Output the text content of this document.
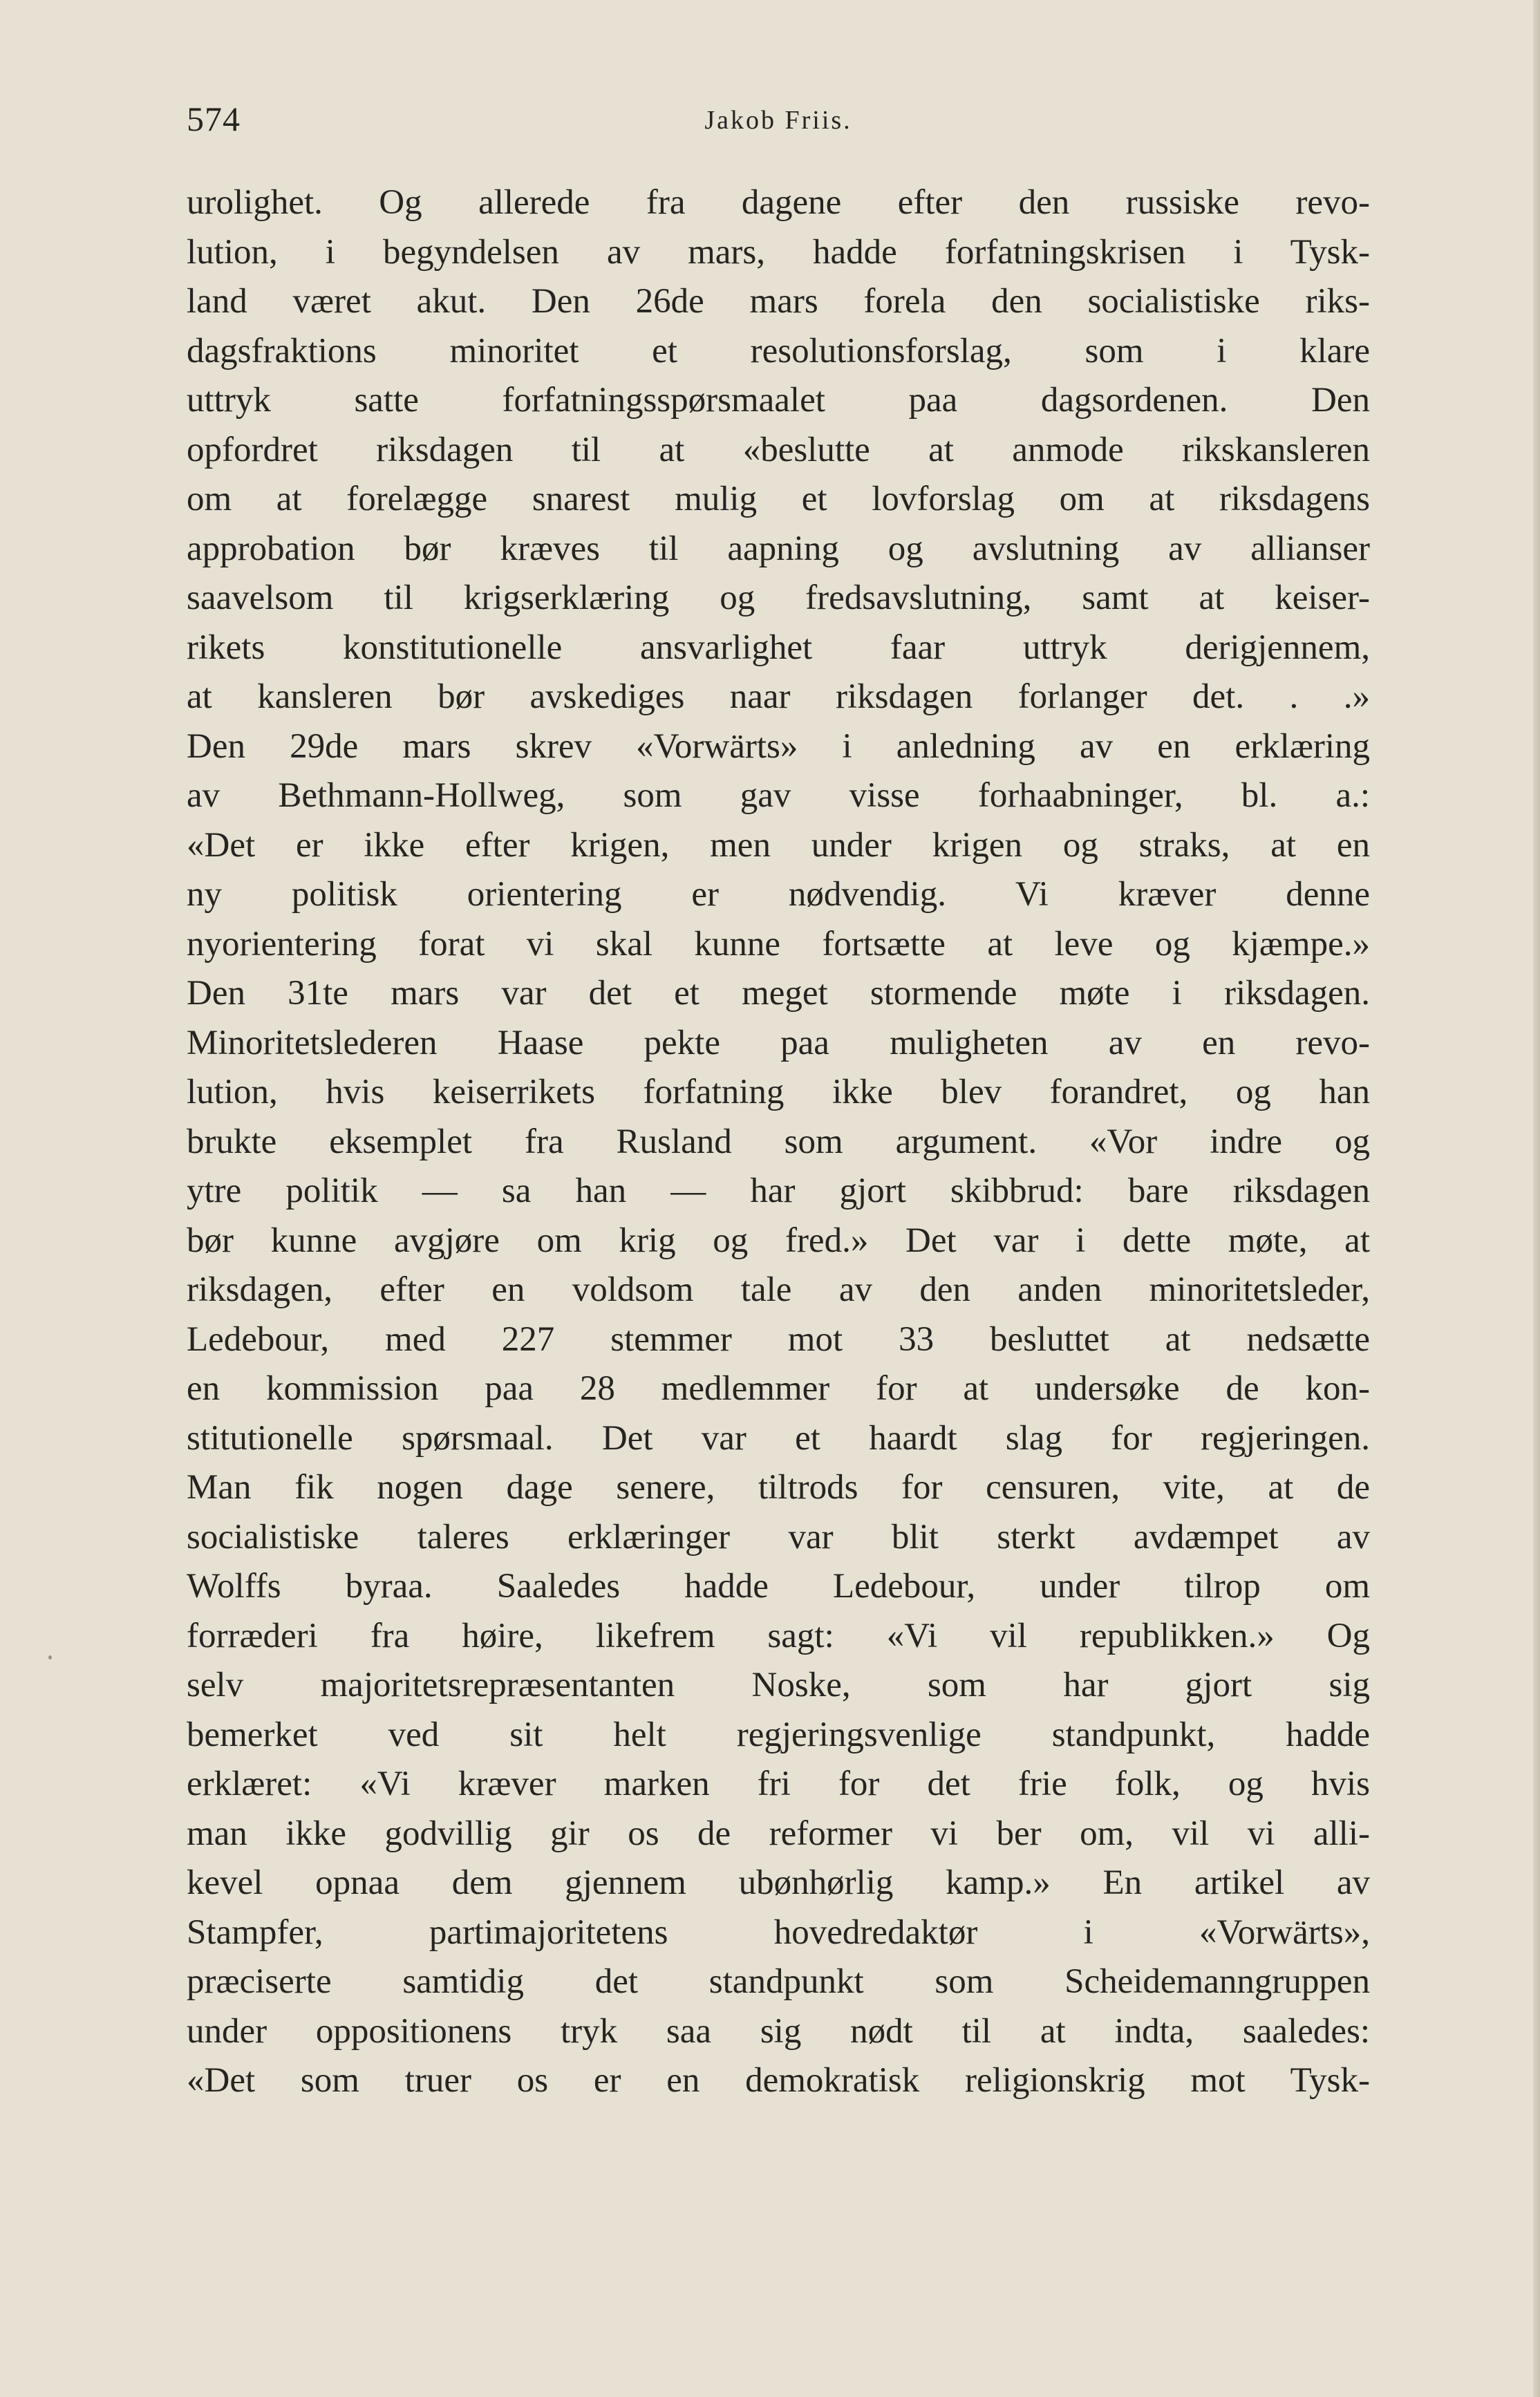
574	Jakob Friis.
urolighet. Og allerede fra dagene efter den russiske revo-
lution, i begyndelsen av mars, hadde forfatningskrisen i Tysk-
land været akut. Den 26de mars forela den socialistiske riks-
dagsfraktions minoritet et resolutionsforslag, som i klare
uttryk satte forfatningsspørsmaalet paa dagsordenen. Den
opfordret riksdagen til at «beslutte at anmode rikskansleren
om at forelægge snarest mulig et lovforslag om at riksdagens
approbation bør kræves til aapning og avslutning av allianser
saavelsom til krigserklæring og fredsavslutning, samt at keiser-
rikets konstitutionelle ansvarlighet faar uttryk derigjennem,
at kansleren bør avskediges naar riksdagen forlanger det. . .»
Den 29de mars skrev «Vorwärts» i anledning av en erklæring
av Bethmann-Hollweg, som gav visse forhaabninger, bl. a.:
«Det er ikke efter krigen, men under krigen og straks, at en
ny politisk orientering er nødvendig. Vi kræver denne
nyorientering forat vi skal kunne fortsætte at leve og kjæmpe.»
Den 31te mars var det et meget stormende møte i riksdagen.
Minoritetslederen Haase pekte paa muligheten av en revo-
lution, hvis keiserrikets forfatning ikke blev forandret, og han
brukte eksemplet fra Rusland som argument. «Vor indre og
ytre politik — sa han — har gjort skibbrud: bare riksdagen
bør kunne avgjøre om krig og fred.» Det var i dette møte, at
riksdagen, efter en voldsom tale av den anden minoritetsleder,
Ledebour, med 227 stemmer mot 33 besluttet at nedsætte
en kommission paa 28 medlemmer for at undersøke de kon-
stitutionelle spørsmaal. Det var et haardt slag for regjeringen.
Man fik nogen dage senere, tiltrods for censuren, vite, at de
socialistiske taleres erklæringer var blit sterkt avdæmpet av
Wolffs byraa. Saaledes hadde Ledebour, under tilrop om
forræderi fra høire, likefrem sagt: «Vi vil republikken.» Og
selv majoritetsrepræsentanten Noske, som har gjort sig
bemerket ved sit helt regjeringsvenlige standpunkt, hadde
erklæret: «Vi kræver marken fri for det frie folk, og hvis
man ikke godvillig gir os de reformer vi ber om, vil vi alli-
kevel opnaa dem gjennem ubønhørlig kamp.» En artikel av
Stampfer, partimajoritetens hovedredaktør i «Vorwärts»,
præciserte samtidig det standpunkt som Scheidemanngruppen
under oppositionens tryk saa sig nødt til at indta, saaledes:
«Det som truer os er en demokratisk religionskrig mot Tysk-
